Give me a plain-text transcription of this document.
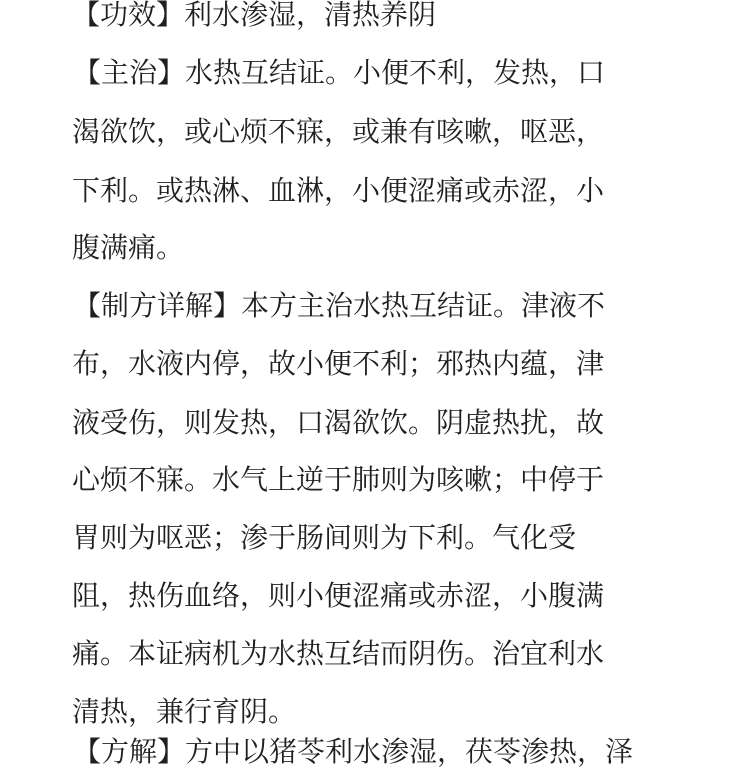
【功效】利水渗湿，清热养阴
【主治】水热互结证。小便不利，发热，口
渴欲饮，或心烦不寐，或兼有咳嗽，呕恶，
下利。或热淋、血淋，小便涩痛或赤涩，小
腹满痛。
【制方详解】本方主治水热互结证。津液不
布，水液内停，故小便不利；邪热内蕴，津
液受伤，则发热，口渴欲饮。阴虚热扰，故
心烦不寐。水气上逆于肺则为咳嗽；中停于
胃则为呕恶；渗于肠间则为下利。气化受
阻，热伤血络，则小便涩痛或赤涩，小腹满
痛。本证病机为水热互结而阴伤。治宜利水
清热，兼行育阴。
【方解】方中以猪苓利水渗湿，茯苓渗热，泽
